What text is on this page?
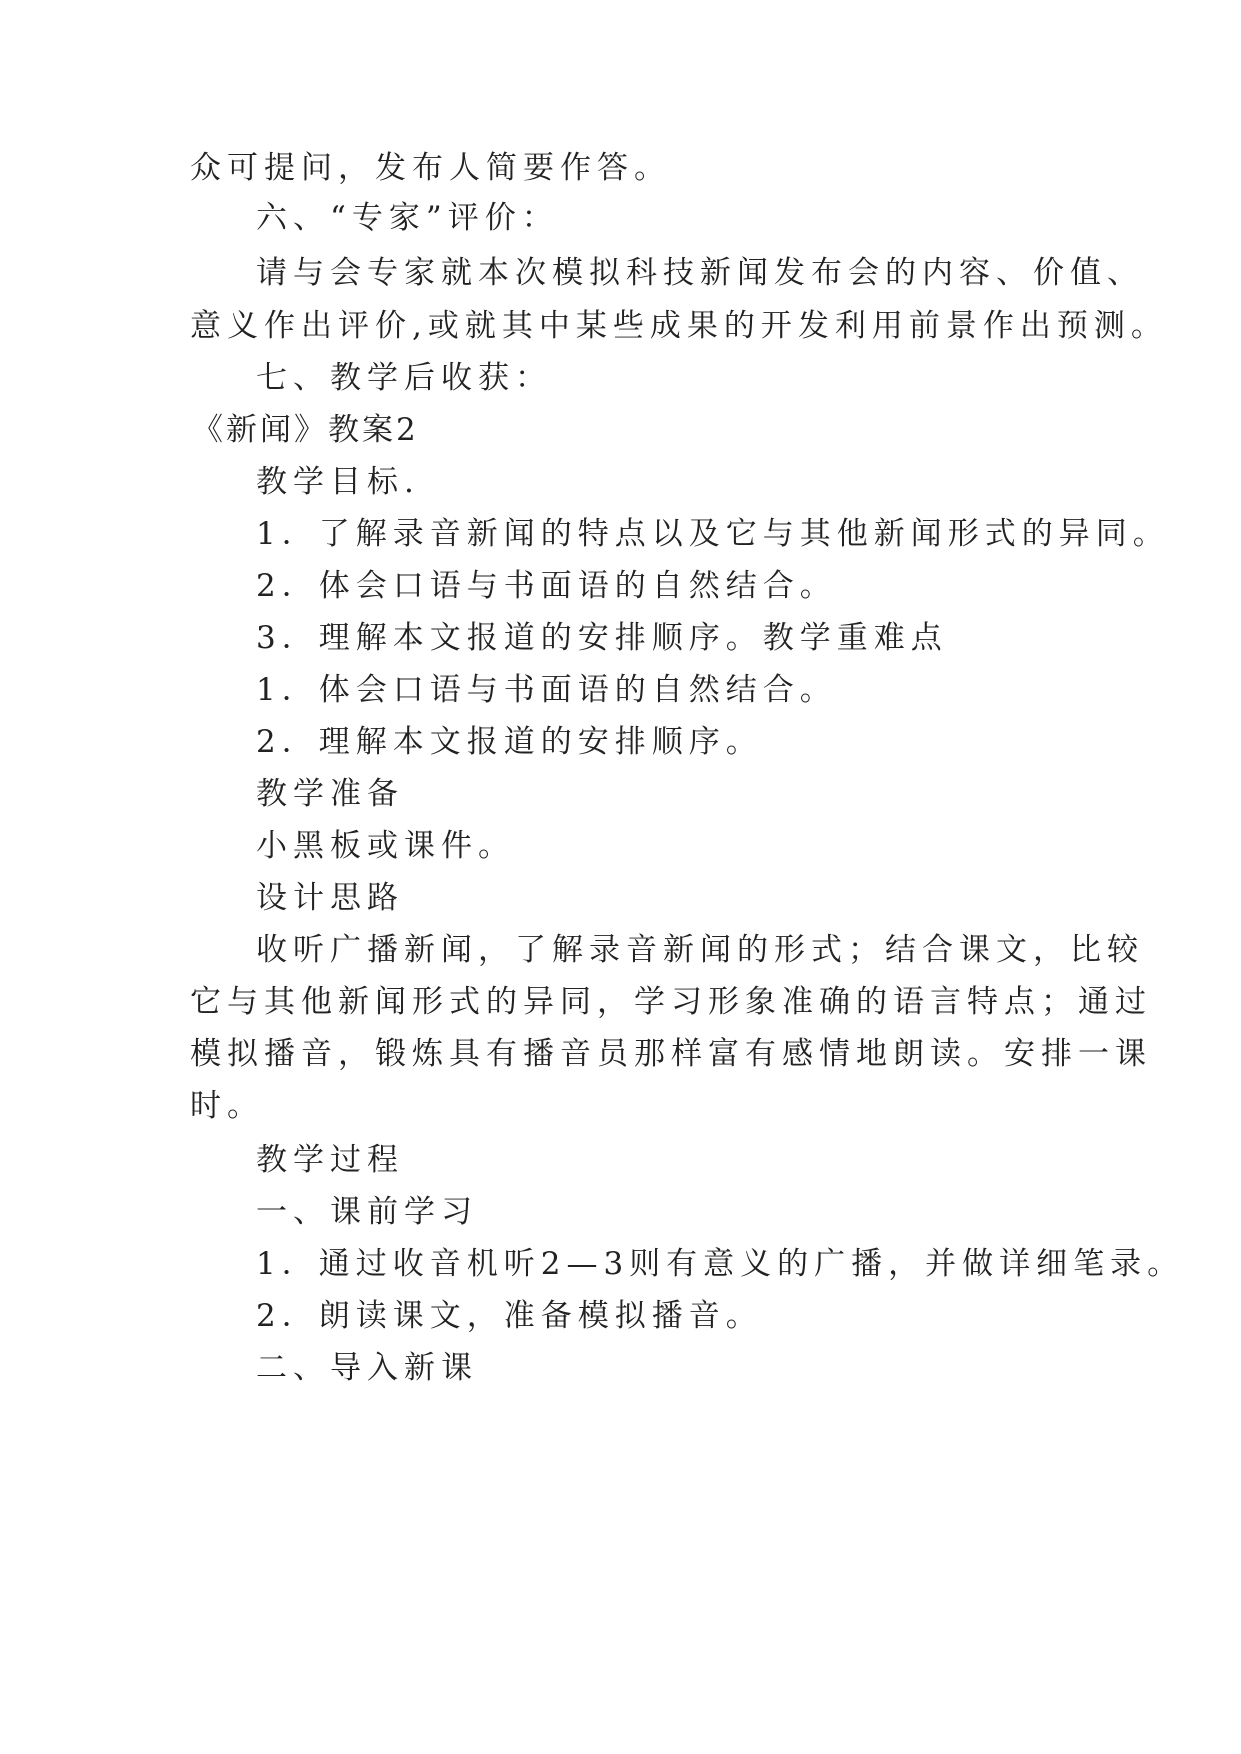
众可提问，发布人简要作答。
六、“专家”评价：
请与会专家就本次模拟科技新闻发布会的内容、价值、
意义作出评价,或就其中某些成果的开发利用前景作出预测。
七、教学后收获：
《新闻》教案2
教学目标.
1．了解录音新闻的特点以及它与其他新闻形式的异同。
2．体会口语与书面语的自然结合。
3．理解本文报道的安排顺序。教学重难点
1．体会口语与书面语的自然结合。
2．理解本文报道的安排顺序。
教学准备
小黑板或课件。
设计思路
收听广播新闻，了解录音新闻的形式；结合课文，比较
它与其他新闻形式的异同，学习形象准确的语言特点；通过
模拟播音，锻炼具有播音员那样富有感情地朗读。安排一课
时。
教学过程
一、课前学习
1．通过收音机听2—3则有意义的广播，并做详细笔录。
2．朗读课文，准备模拟播音。
二、导入新课
